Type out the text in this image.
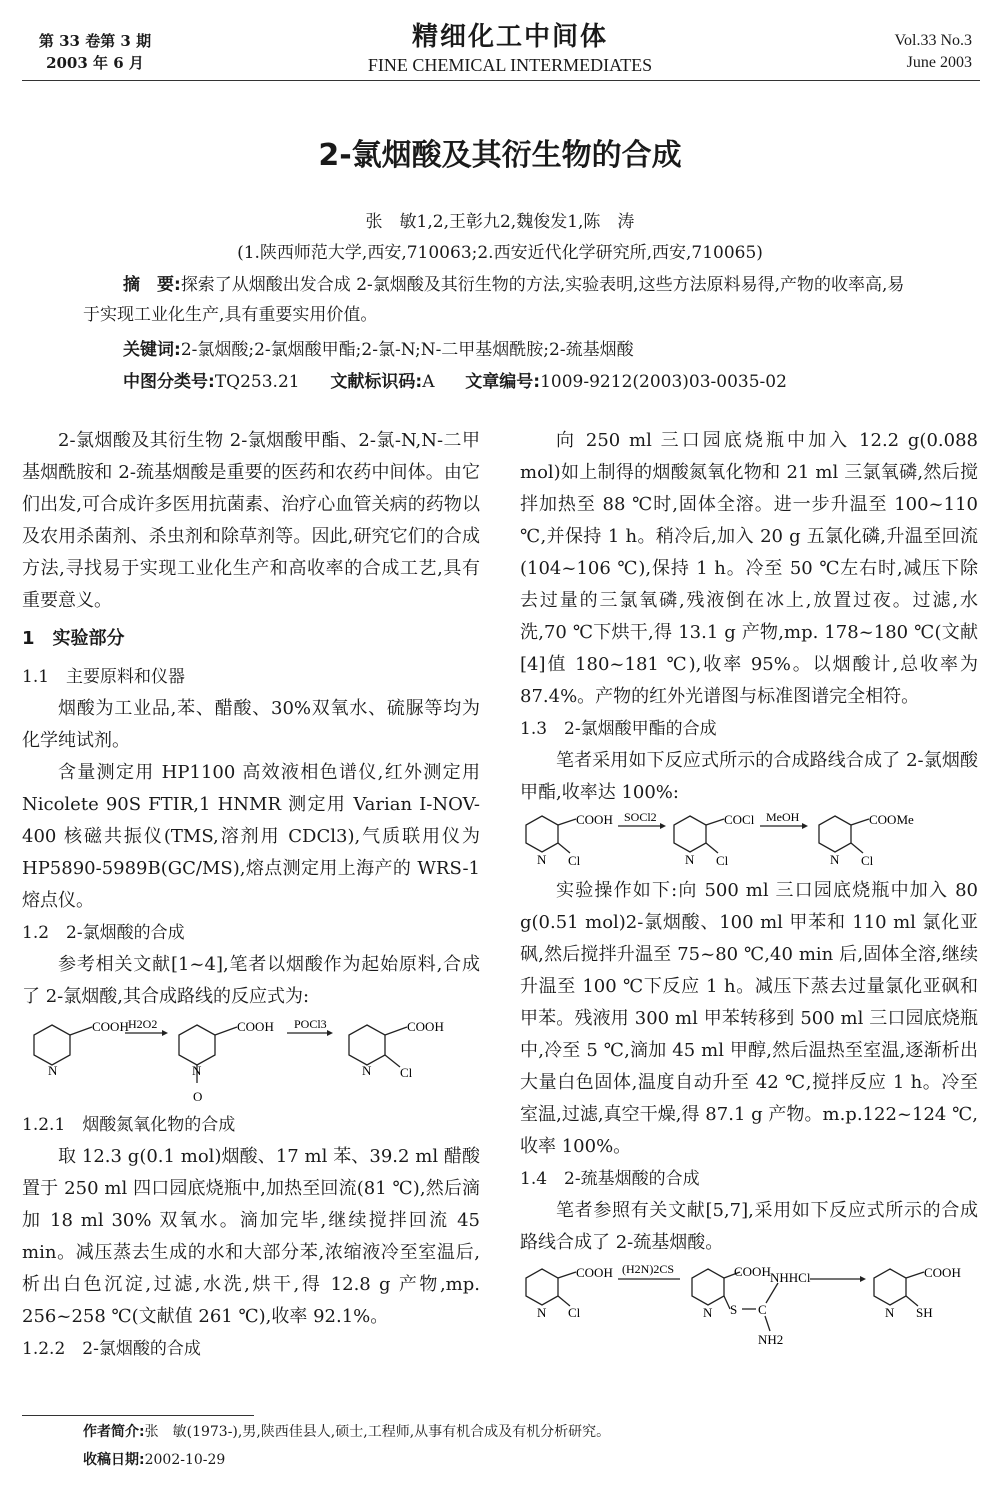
第 33 卷第 3 期
2003 年 6 月
精细化工中间体
FINE CHEMICAL INTERMEDIATES
Vol.33 No.3
June 2003
2-氯烟酸及其衍生物的合成
张　敏1,2,王彰九2,魏俊发1,陈　涛
(1.陕西师范大学,西安,710063;2.西安近代化学研究所,西安,710065)
摘　要:探索了从烟酸出发合成 2-氯烟酸及其衍生物的方法,实验表明,这些方法原料易得,产物的收率高,易于实现工业化生产,具有重要实用价值。
关键词:2-氯烟酸;2-氯烟酸甲酯;2-氯-N;N-二甲基烟酰胺;2-巯基烟酸
中图分类号:TQ253.21 文献标识码:A 文章编号:1009-9212(2003)03-0035-02

2-氯烟酸及其衍生物 2-氯烟酸甲酯、2-氯-N,N-二甲基烟酰胺和 2-巯基烟酸是重要的医药和农药中间体。由它们出发,可合成许多医用抗菌素、治疗心血管关病的药物以及农用杀菌剂、杀虫剂和除草剂等。因此,研究它们的合成方法,寻找易于实现工业化生产和高收率的合成工艺,具有重要意义。

1　实验部分

1.1　主要原料和仪器

烟酸为工业品,苯、醋酸、30%双氧水、硫脲等均为化学纯试剂。

含量测定用 HP1100 高效液相色谱仪,红外测定用 Nicolete 90S FTIR,1 HNMR 测定用 Varian I-NOV-400 核磁共振仪(TMS,溶剂用 CDCl3),气质联用仪为 HP5890-5989B(GC/MS),熔点测定用上海产的 WRS-1 熔点仪。

1.2　2-氯烟酸的合成

参考相关文献[1~4],笔者以烟酸作为起始原料,合成了 2-氯烟酸,其合成路线的反应式为:

COOH
N
H2O2	COOH
N
O
POCl3	COOH
N Cl

1.2.1　烟酸氮氧化物的合成

取 12.3 g(0.1 mol)烟酸、17 ml 苯、39.2 ml 醋酸置于 250 ml 四口园底烧瓶中,加热至回流(81 ℃),然后滴加 18 ml 30% 双氧水。滴加完毕,继续搅拌回流 45 min。减压蒸去生成的水和大部分苯,浓缩液冷至室温后,析出白色沉淀,过滤,水洗,烘干,得 12.8 g 产物,mp. 256~258 ℃(文献值 261 ℃),收率 92.1%。

1.2.2　2-氯烟酸的合成

向 250 ml 三口园底烧瓶中加入 12.2 g(0.088 mol)如上制得的烟酸氮氧化物和 21 ml 三氯氧磷,然后搅拌加热至 88 ℃时,固体全溶。进一步升温至 100~110 ℃,并保持 1 h。稍冷后,加入 20 g 五氯化磷,升温至回流(104~106 ℃),保持 1 h。冷至 50 ℃左右时,减压下除去过量的三氯氧磷,残液倒在冰上,放置过夜。过滤,水洗,70 ℃下烘干,得 13.1 g 产物,mp. 178~180 ℃(文献[4]值 180~181 ℃),收率 95%。以烟酸计,总收率为 87.4%。产物的红外光谱图与标准图谱完全相符。

1.3　2-氯烟酸甲酯的合成

笔者采用如下反应式所示的合成路线合成了 2-氯烟酸甲酯,收率达 100%:

COOH
N Cl
SOCl2	COCl
N Cl
MeOH	COOMe
N Cl

实验操作如下:向 500 ml 三口园底烧瓶中加入 80 g(0.51 mol)2-氯烟酸、100 ml 甲苯和 110 ml 氯化亚砜,然后搅拌升温至 75~80 ℃,40 min 后,固体全溶,继续升温至 100 ℃下反应 1 h。减压下蒸去过量氯化亚砜和甲苯。残液用 300 ml 甲苯转移到 500 ml 三口园底烧瓶中,冷至 5 ℃,滴加 45 ml 甲醇,然后温热至室温,逐渐析出大量白色固体,温度自动升至 42 ℃,搅拌反应 1 h。冷至室温,过滤,真空干燥,得 87.1 g 产物。m.p.122~124 ℃,收率 100%。

1.4　2-巯基烟酸的合成

笔者参照有关文献[5,7],采用如下反应式所示的合成路线合成了 2-巯基烟酸。

COOH
N Cl
(H2N)2CS	COOH NHHCl
N S C
NH2
COOH
N SH
作者简介:张　敏(1973-),男,陕西佳县人,硕士,工程师,从事有机合成及有机分析研究。
收稿日期:2002-10-29
